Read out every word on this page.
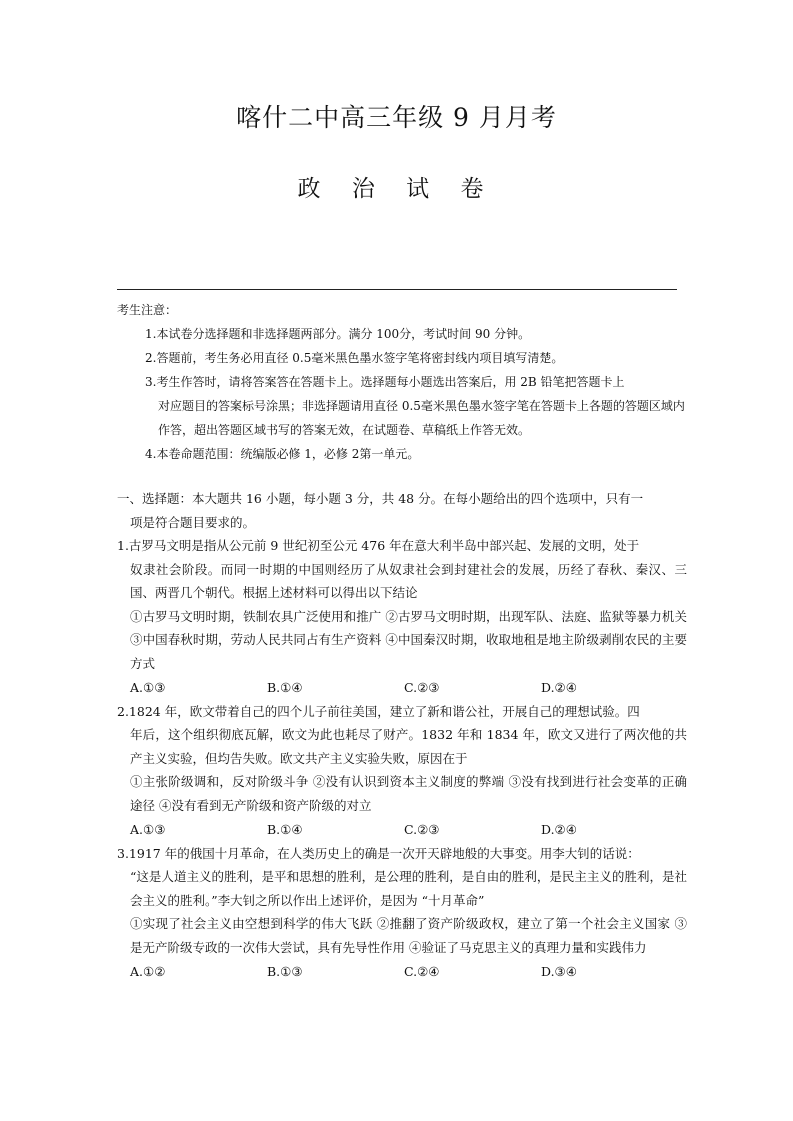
喀什二中高三年级 9 月月考
政 治 试 卷
考生注意：
1.本试卷分选择题和非选择题两部分。满分 100分，考试时间 90 分钟。
2.答题前，考生务必用直径 0.5毫米黑色墨水签字笔将密封线内项目填写清楚。
3.考生作答时，请将答案答在答题卡上。选择题每小题选出答案后，用 2B 铅笔把答题卡上
对应题目的答案标号涂黑；非选择题请用直径 0.5毫米黑色墨水签字笔在答题卡上各题的答题区域内作答，超出答题区域书写的答案无效，在试题卷、草稿纸上作答无效。
4.本卷命题范围：统编版必修 1，必修 2第一单元。
一、选择题：本大题共 16 小题，每小题 3 分，共 48 分。在每小题给出的四个选项中，只有一
项是符合题目要求的。
1.古罗马文明是指从公元前 9 世纪初至公元 476 年在意大利半岛中部兴起、发展的文明，处于
奴隶社会阶段。而同一时期的中国则经历了从奴隶社会到封建社会的发展，历经了春秋、秦汉、三国、两晋几个朝代。根据上述材料可以得出以下结论
①古罗马文明时期，铁制农具广泛使用和推广 ②古罗马文明时期，出现军队、法庭、监狱等暴力机关 ③中国春秋时期，劳动人民共同占有生产资料 ④中国秦汉时期，收取地租是地主阶级剥削农民的主要方式
A.①③	B.①④	C.②③	D.②④
2.1824 年，欧文带着自己的四个儿子前往美国，建立了新和谐公社，开展自己的理想试验。四
年后，这个组织彻底瓦解，欧文为此也耗尽了财产。1832 年和 1834 年，欧文又进行了两次他的共产主义实验，但均告失败。欧文共产主义实验失败，原因在于
①主张阶级调和，反对阶级斗争 ②没有认识到资本主义制度的弊端 ③没有找到进行社会变革的正确途径 ④没有看到无产阶级和资产阶级的对立
A.①③	B.①④	C.②③	D.②④
3.1917 年的俄国十月革命，在人类历史上的确是一次开天辟地般的大事变。用李大钊的话说：
“这是人道主义的胜利，是平和思想的胜利，是公理的胜利，是自由的胜利，是民主主义的胜利，是社会主义的胜利。”李大钊之所以作出上述评价，是因为 “十月革命”
①实现了社会主义由空想到科学的伟大飞跃 ②推翻了资产阶级政权，建立了第一个社会主义国家 ③是无产阶级专政的一次伟大尝试，具有先导性作用 ④验证了马克思主义的真理力量和实践伟力
A.①②	B.①③	C.②④	D.③④
